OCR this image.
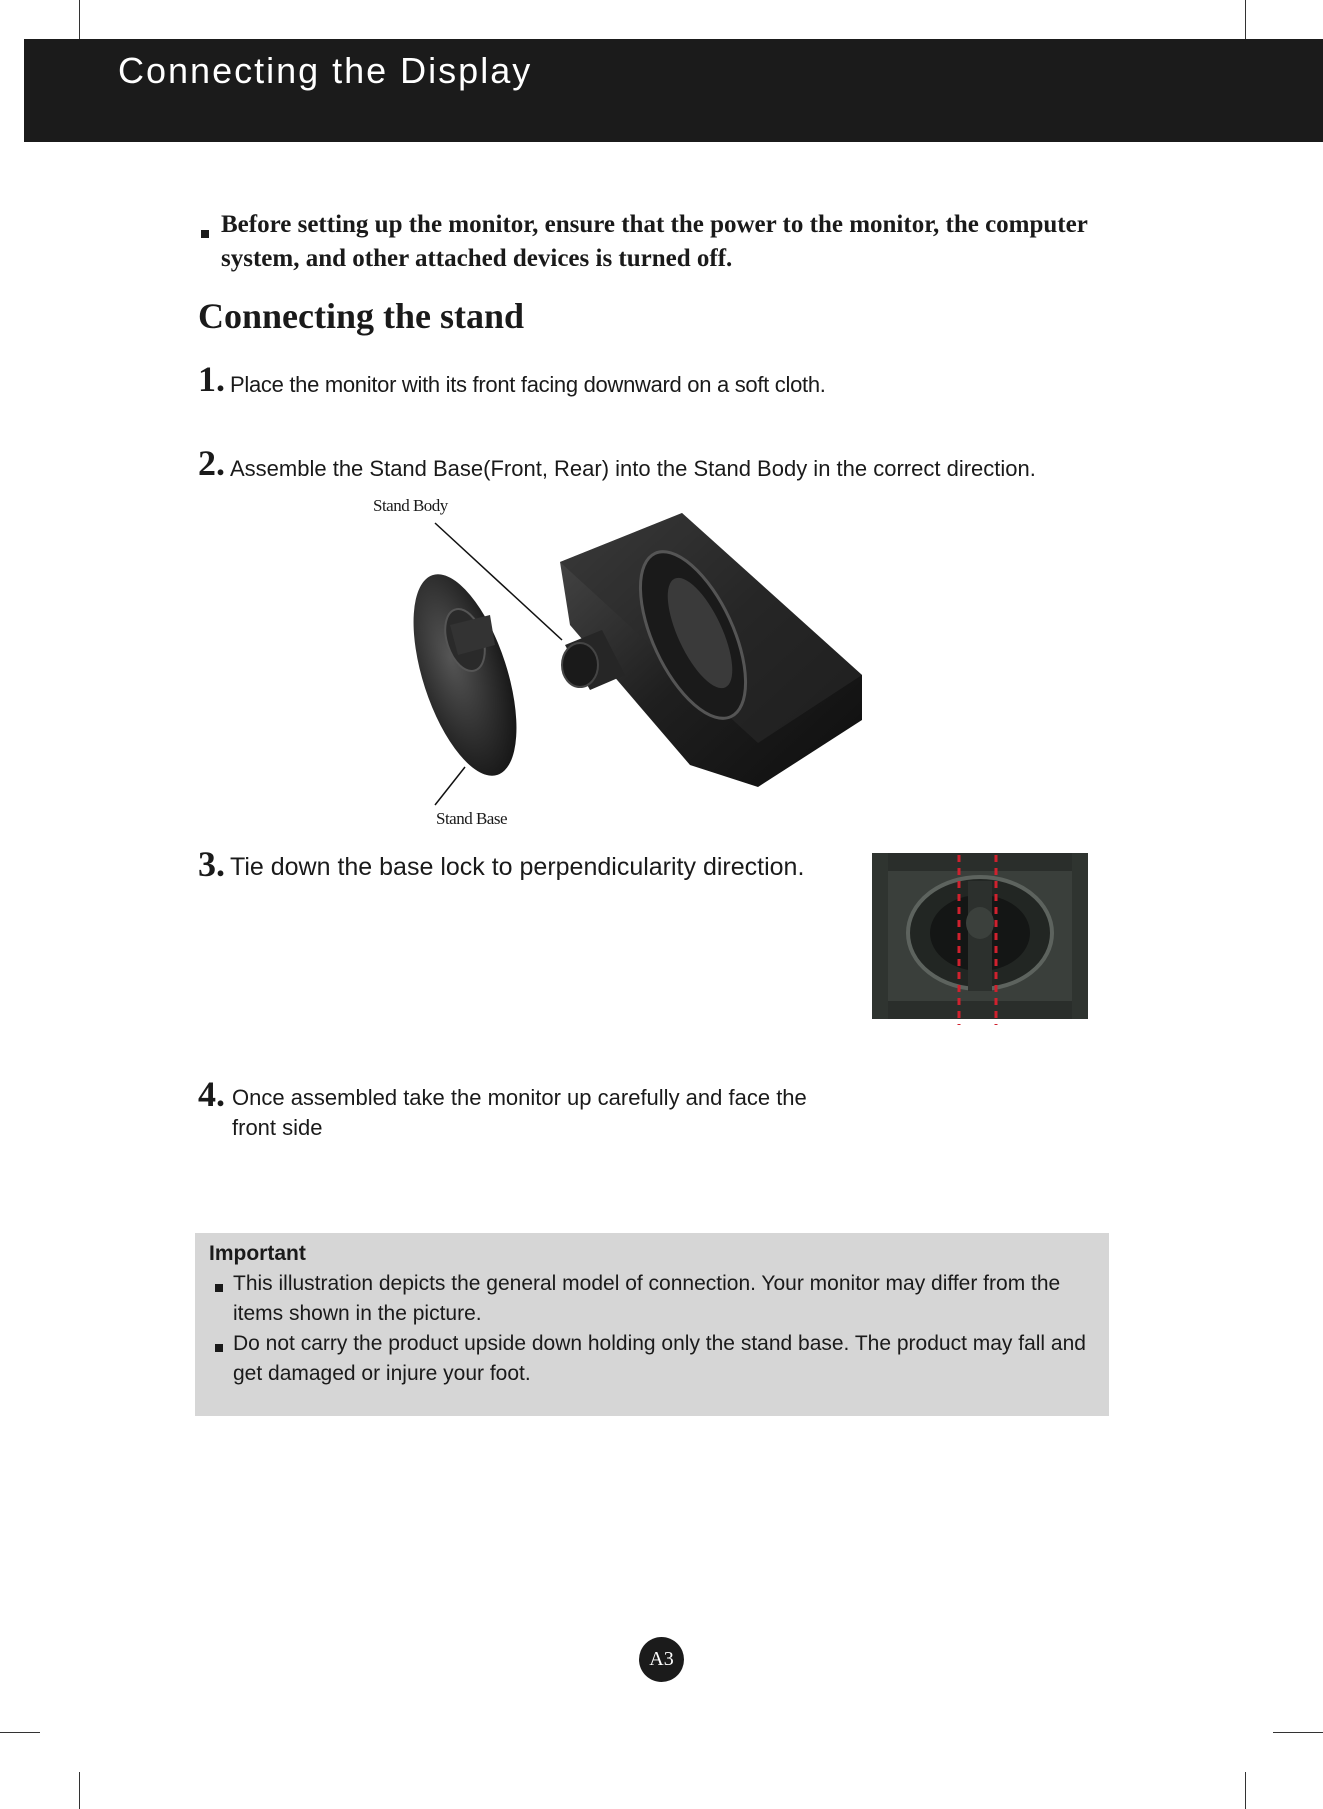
Connecting the Display
Before setting up the monitor, ensure that the power to the monitor, the computer system, and other attached devices is turned off.
Connecting the stand
1. Place the monitor with its front facing downward on a soft cloth.
2. Assemble the Stand Base(Front, Rear) into the Stand Body in the correct direction.
Stand Body
Stand Base
3. Tie down the base lock to perpendicularity direction.
4. Once assembled take the monitor up carefully and face the front side
Important
This illustration depicts the general model of connection. Your monitor may differ from the items shown in the picture.
Do not carry the product upside down holding only the stand base. The product may fall and get damaged or injure your foot.
A3
